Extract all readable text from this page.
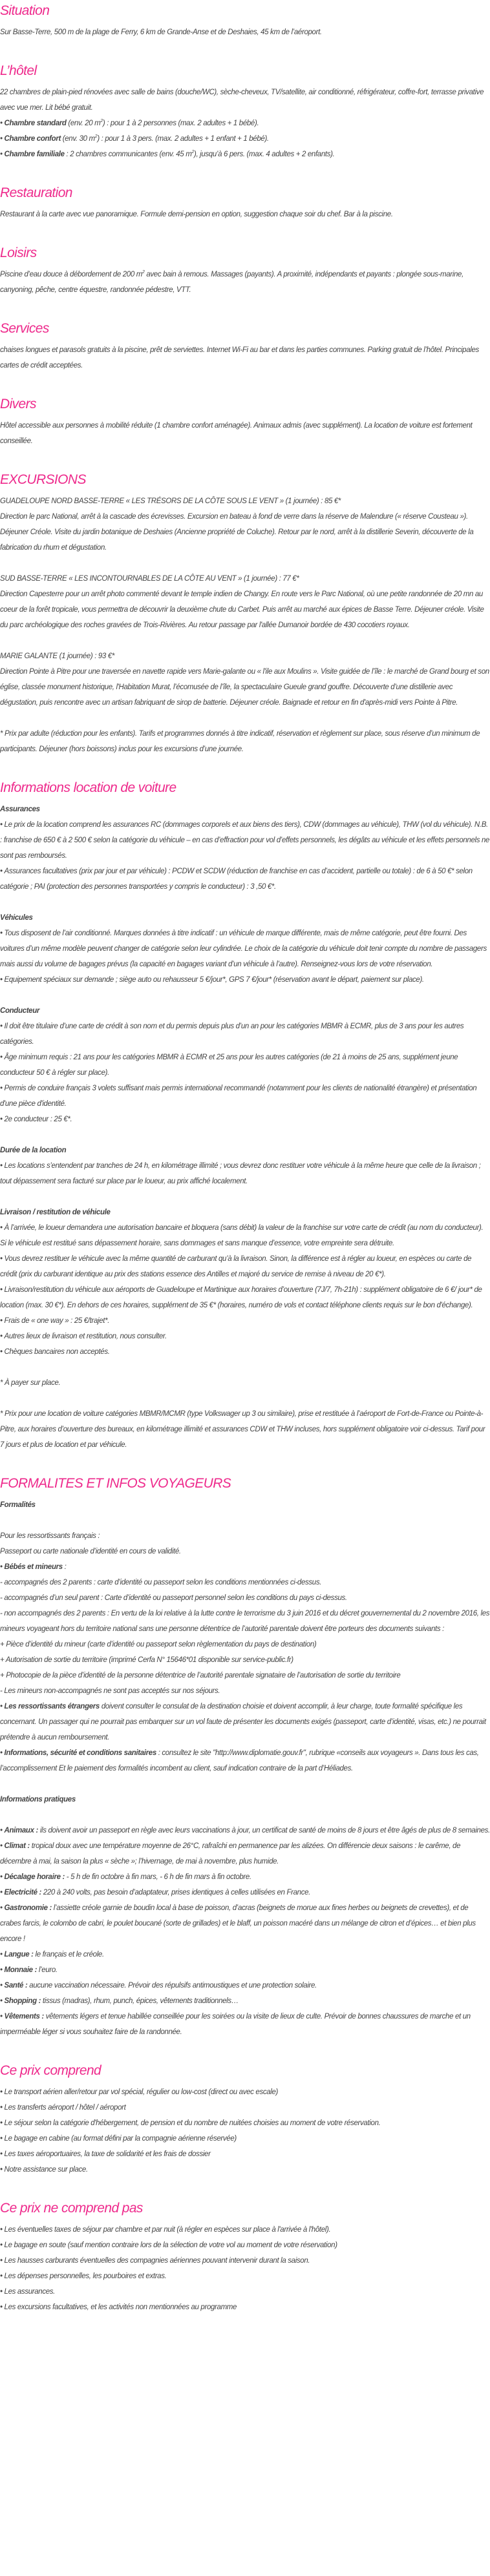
Situation

Sur Basse-Terre, 500 m de la plage de Ferry, 6 km de Grande-Anse et de Deshaies, 45 km de l’aéroport.

L’hôtel

22 chambres de plain-pied rénovées avec salle de bains (douche/WC), sèche-cheveux, TV/satellite, air conditionné, réfrigérateur, coffre-fort, terrasse privative avec vue mer. Lit bébé gratuit.

• Chambre standard (env. 20 $m^2$) : pour 1 à 2 personnes (max. 2 adultes + 1 bébé).

• Chambre confort (env. 30 $m^2$) : pour 1 à 3 pers. (max. 2 adultes + 1 enfant + 1 bébé).

• Chambre familiale : 2 chambres communicantes (env. 45 $m^2$), jusqu’à 6 pers. (max. 4 adultes + 2 enfants).

Restauration

Restaurant à la carte avec vue panoramique. Formule demi-pension en option, suggestion chaque soir du chef. Bar à la piscine.

Loisirs

Piscine d’eau douce à débordement de 200 $m^2$ avec bain à remous. Massages (payants). A proximité, indépendants et payants : plongée sous-marine, canyoning, pêche, centre équestre, randonnée pédestre, VTT.

Services

chaises longues et parasols gratuits à la piscine, prêt de serviettes. Internet Wi-Fi au bar et dans les parties communes. Parking gratuit de l’hôtel. Principales cartes de crédit acceptées.

Divers

Hôtel accessible aux personnes à mobilité réduite (1 chambre confort aménagée). Animaux admis (avec supplément). La location de voiture est fortement conseillée.

EXCURSIONS

GUADELOUPE NORD BASSE-TERRE « LES TRÉSORS DE LA CÔTE SOUS LE VENT » (1 journée) : 85 €*

Direction le parc National, arrêt à la cascade des écrevisses. Excursion en bateau à fond de verre dans la réserve de Malendure (« réserve Cousteau »). Déjeuner Créole. Visite du jardin botanique de Deshaies (Ancienne propriété de Coluche). Retour par le nord, arrêt à la distillerie Severin, découverte de la fabrication du rhum et dégustation.

SUD BASSE-TERRE « LES INCONTOURNABLES DE LA CÔTE AU VENT » (1 journée) : 77 €*

Direction Capesterre pour un arrêt photo commenté devant le temple indien de Changy. En route vers le Parc National, où une petite randonnée de 20 mn au coeur de la forêt tropicale, vous permettra de découvrir la deuxième chute du Carbet. Puis arrêt au marché aux épices de Basse Terre. Déjeuner créole. Visite du parc archéologique des roches gravées de Trois-Rivières. Au retour passage par l'allée Dumanoir bordée de 430 cocotiers royaux.

MARIE GALANTE (1 journée) : 93 €*

Direction Pointe à Pitre pour une traversée en navette rapide vers Marie-galante ou « l'ile aux Moulins ». Visite guidée de l’île : le marché de Grand bourg et son église, classée monument historique, l'Habitation Murat, l’écomusée de l’île, la spectaculaire Gueule grand gouffre. Découverte d’une distillerie avec dégustation, puis rencontre avec un artisan fabriquant de sirop de batterie. Déjeuner créole. Baignade et retour en fin d'après-midi vers Pointe à Pitre.

* Prix par adulte (réduction pour les enfants). Tarifs et programmes donnés à titre indicatif, réservation et règlement sur place, sous réserve d’un minimum de participants. Déjeuner (hors boissons) inclus pour les excursions d’une journée.

Informations location de voiture

Assurances

• Le prix de la location comprend les assurances RC (dommages corporels et aux biens des tiers), CDW (dommages au véhicule), THW (vol du véhicule). N.B. : franchise de 650 € à 2 500 € selon la catégorie du véhicule – en cas d’effraction pour vol d’effets personnels, les dégâts au véhicule et les effets personnels ne sont pas remboursés.

• Assurances facultatives (prix par jour et par véhicule) : PCDW et SCDW (réduction de franchise en cas d’accident, partielle ou totale) : de 6 à 50 €* selon catégorie ; PAI (protection des personnes transportées y compris le conducteur) : 3 ,50 €*.

Véhicules

• Tous disposent de l’air conditionné. Marques données à titre indicatif : un véhicule de marque différente, mais de même catégorie, peut être fourni. Des voitures d’un même modèle peuvent changer de catégorie selon leur cylindrée. Le choix de la catégorie du véhicule doit tenir compte du nombre de passagers mais aussi du volume de bagages prévus (la capacité en bagages variant d’un véhicule à l’autre). Renseignez-vous lors de votre réservation.

• Equipement spéciaux sur demande ; siège auto ou rehausseur 5 €/jour*, GPS 7 €/jour* (réservation avant le départ, paiement sur place).

Conducteur

• Il doit être titulaire d’une carte de crédit à son nom et du permis depuis plus d’un an pour les catégories MBMR à ECMR, plus de 3 ans pour les autres catégories.

• Âge minimum requis : 21 ans pour les catégories MBMR à ECMR et 25 ans pour les autres catégories (de 21 à moins de 25 ans, supplément jeune conducteur 50 € à régler sur place).

• Permis de conduire français 3 volets suffisant mais permis international recommandé (notamment pour les clients de nationalité étrangère) et présentation d'une pièce d'identité.

• 2e conducteur : 25 €*.

Durée de la location

• Les locations s’entendent par tranches de 24 h, en kilométrage illimité ; vous devrez donc restituer votre véhicule à la même heure que celle de la livraison ; tout dépassement sera facturé sur place par le loueur, au prix affiché localement.

Livraison / restitution de véhicule

• À l’arrivée, le loueur demandera une autorisation bancaire et bloquera (sans débit) la valeur de la franchise sur votre carte de crédit (au nom du conducteur). Si le véhicule est restitué sans dépassement horaire, sans dommages et sans manque d’essence, votre empreinte sera détruite.

• Vous devrez restituer le véhicule avec la même quantité de carburant qu’à la livraison. Sinon, la différence est à régler au loueur, en espèces ou carte de crédit (prix du carburant identique au prix des stations essence des Antilles et majoré du service de remise à niveau de 20 €*).

• Livraison/restitution du véhicule aux aéroports de Guadeloupe et Martinique aux horaires d’ouverture (7J/7, 7h-21h) : supplément obligatoire de 6 €/ jour* de location (max. 30 €*). En dehors de ces horaires, supplément de 35 €* (horaires, numéro de vols et contact téléphone clients requis sur le bon d'échange).

• Frais de « one way » : 25 €/trajet*.

• Autres lieux de livraison et restitution, nous consulter.

• Chèques bancaires non acceptés.

* À payer sur place.

* Prix pour une location de voiture catégories MBMR/MCMR (type Volkswager up 3 ou similaire), prise et restituée à l’aéroport de Fort-de-France ou Pointe-à-Pitre, aux horaires d’ouverture des bureaux, en kilométrage illimité et assurances CDW et THW incluses, hors supplément obligatoire voir ci-dessus. Tarif pour 7 jours et plus de location et par véhicule.

FORMALITES ET INFOS VOYAGEURS

Formalités

Pour les ressortissants français :

Passeport ou carte nationale d’identité en cours de validité.

• Bébés et mineurs :

- accompagnés des 2 parents : carte d’identité ou passeport selon les conditions mentionnées ci-dessus.

- accompagnés d’un seul parent : Carte d’identité ou passeport personnel selon les conditions du pays ci-dessus.

- non accompagnés des 2 parents : En vertu de la loi relative à la lutte contre le terrorisme du 3 juin 2016 et du décret gouvernemental du 2 novembre 2016, les mineurs voyageant hors du territoire national sans une personne détentrice de l’autorité parentale doivent être porteurs des documents suivants :

+ Pièce d’identité du mineur (carte d’identité ou passeport selon règlementation du pays de destination)

+ Autorisation de sortie du territoire (imprimé Cerfa N° 15646*01 disponible sur service-public.fr)

+ Photocopie de la pièce d’identité de la personne détentrice de l’autorité parentale signataire de l’autorisation de sortie du territoire

- Les mineurs non-accompagnés ne sont pas acceptés sur nos séjours.

• Les ressortissants étrangers doivent consulter le consulat de la destination choisie et doivent accomplir, à leur charge, toute formalité spécifique les concernant. Un passager qui ne pourrait pas embarquer sur un vol faute de présenter les documents exigés (passeport, carte d’identité, visas, etc.) ne pourrait prétendre à aucun remboursement.

• Informations, sécurité et conditions sanitaires : consultez le site "http://www.diplomatie.gouv.fr", rubrique «conseils aux voyageurs ». Dans tous les cas, l’accomplissement Et le paiement des formalités incombent au client, sauf indication contraire de la part d’Héliades.

Informations pratiques

• Animaux : ils doivent avoir un passeport en règle avec leurs vaccinations à jour, un certificat de santé de moins de 8 jours et être âgés de plus de 8 semaines.

• Climat : tropical doux avec une température moyenne de 26°C, rafraîchi en permanence par les alizées. On différencie deux saisons : le carême, de décembre à mai, la saison la plus « sèche »; l’hivernage, de mai à novembre, plus humide.

• Décalage horaire : - 5 h de fin octobre à fin mars, - 6 h de fin mars à fin octobre.

• Electricité : 220 à 240 volts, pas besoin d’adaptateur, prises identiques à celles utilisées en France.

• Gastronomie : l’assiette créole garnie de boudin local à base de poisson, d’acras (beignets de morue aux fines herbes ou beignets de crevettes), et de crabes farcis, le colombo de cabri, le poulet boucané (sorte de grillades) et le blaff, un poisson macéré dans un mélange de citron et d’épices… et bien plus encore !

• Langue : le français et le créole.

• Monnaie : l’euro.

• Santé : aucune vaccination nécessaire. Prévoir des répulsifs antimoustiques et une protection solaire.

• Shopping : tissus (madras), rhum, punch, épices, vêtements traditionnels…

• Vêtements : vêtements légers et tenue habillée conseillée pour les soirées ou la visite de lieux de culte. Prévoir de bonnes chaussures de marche et un imperméable léger si vous souhaitez faire de la randonnée.

Ce prix comprend

• Le transport aérien aller/retour par vol spécial, régulier ou low-cost (direct ou avec escale)

• Les transferts aéroport / hôtel / aéroport

• Le séjour selon la catégorie d'hébergement, de pension et du nombre de nuitées choisies au moment de votre réservation.

• Le bagage en cabine (au format défini par la compagnie aérienne réservée)

• Les taxes aéroportuaires, la taxe de solidarité et les frais de dossier

• Notre assistance sur place.

Ce prix ne comprend pas

• Les éventuelles taxes de séjour par chambre et par nuit (à régler en espèces sur place à l'arrivée à l'hôtel).

• Le bagage en soute (sauf mention contraire lors de la sélection de votre vol au moment de votre réservation)

• Les hausses carburants éventuelles des compagnies aériennes pouvant intervenir durant la saison.

• Les dépenses personnelles, les pourboires et extras.

• Les assurances.

• Les excursions facultatives, et les activités non mentionnées au programme
